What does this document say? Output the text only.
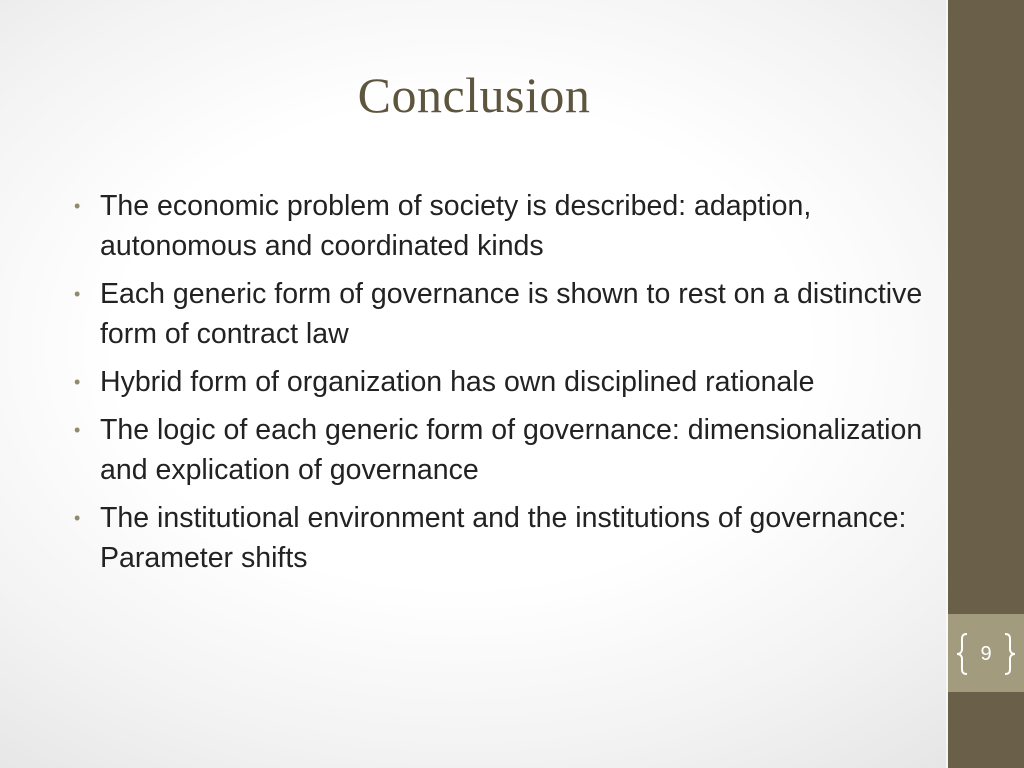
Conclusion
• The economic problem of society is described: adaption, autonomous and coordinated kinds
• Each generic form of governance is shown to rest on a distinctive form of contract law
• Hybrid form of organization has own disciplined rationale
• The logic of each generic form of governance: dimensionalization and explication of governance
• The institutional environment and the institutions of governance: Parameter shifts
9
